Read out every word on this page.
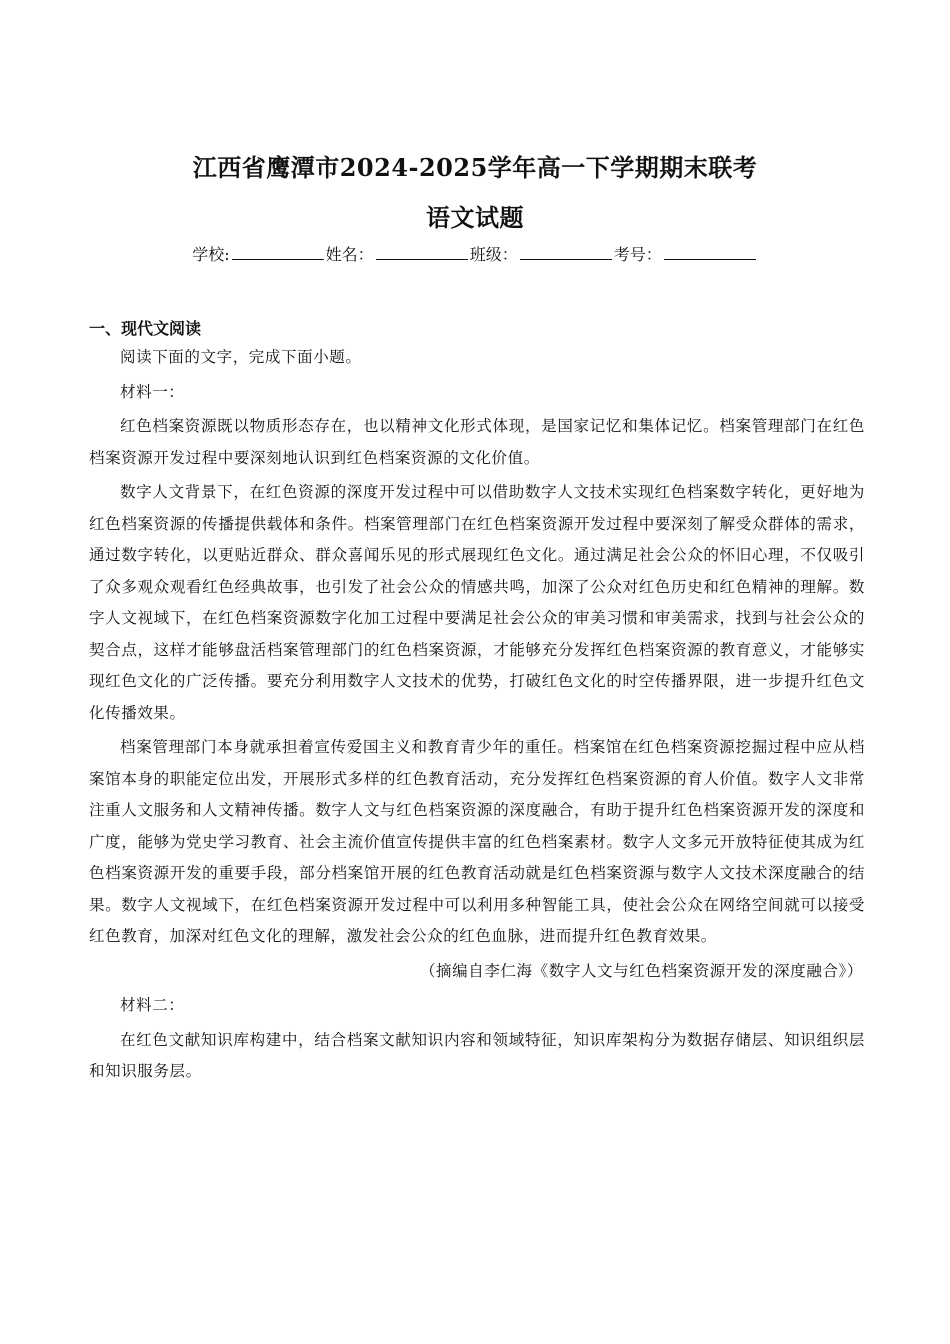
江西省鹰潭市2024-2025学年高一下学期期末联考
语文试题
学校:	姓名：	班级：	考号：
一、现代文阅读

阅读下面的文字，完成下面小题。

材料一：

红色档案资源既以物质形态存在，也以精神文化形式体现，是国家记忆和集体记忆。档案管理部门在红色档案资源开发过程中要深刻地认识到红色档案资源的文化价值。

数字人文背景下，在红色资源的深度开发过程中可以借助数字人文技术实现红色档案数字转化，更好地为红色档案资源的传播提供载体和条件。档案管理部门在红色档案资源开发过程中要深刻了解受众群体的需求，通过数字转化，以更贴近群众、群众喜闻乐见的形式展现红色文化。通过满足社会公众的怀旧心理，不仅吸引了众多观众观看红色经典故事，也引发了社会公众的情感共鸣，加深了公众对红色历史和红色精神的理解。数字人文视域下，在红色档案资源数字化加工过程中要满足社会公众的审美习惯和审美需求，找到与社会公众的契合点，这样才能够盘活档案管理部门的红色档案资源，才能够充分发挥红色档案资源的教育意义，才能够实现红色文化的广泛传播。要充分利用数字人文技术的优势，打破红色文化的时空传播界限，进一步提升红色文化传播效果。

档案管理部门本身就承担着宣传爱国主义和教育青少年的重任。档案馆在红色档案资源挖掘过程中应从档案馆本身的职能定位出发，开展形式多样的红色教育活动，充分发挥红色档案资源的育人价值。数字人文非常注重人文服务和人文精神传播。数字人文与红色档案资源的深度融合，有助于提升红色档案资源开发的深度和广度，能够为党史学习教育、社会主流价值宣传提供丰富的红色档案素材。数字人文多元开放特征使其成为红色档案资源开发的重要手段，部分档案馆开展的红色教育活动就是红色档案资源与数字人文技术深度融合的结果。数字人文视域下，在红色档案资源开发过程中可以利用多种智能工具，使社会公众在网络空间就可以接受红色教育，加深对红色文化的理解，激发社会公众的红色血脉，进而提升红色教育效果。

（摘编自李仁海《数字人文与红色档案资源开发的深度融合》）

材料二：

在红色文献知识库构建中，结合档案文献知识内容和领域特征，知识库架构分为数据存储层、知识组织层和知识服务层。
